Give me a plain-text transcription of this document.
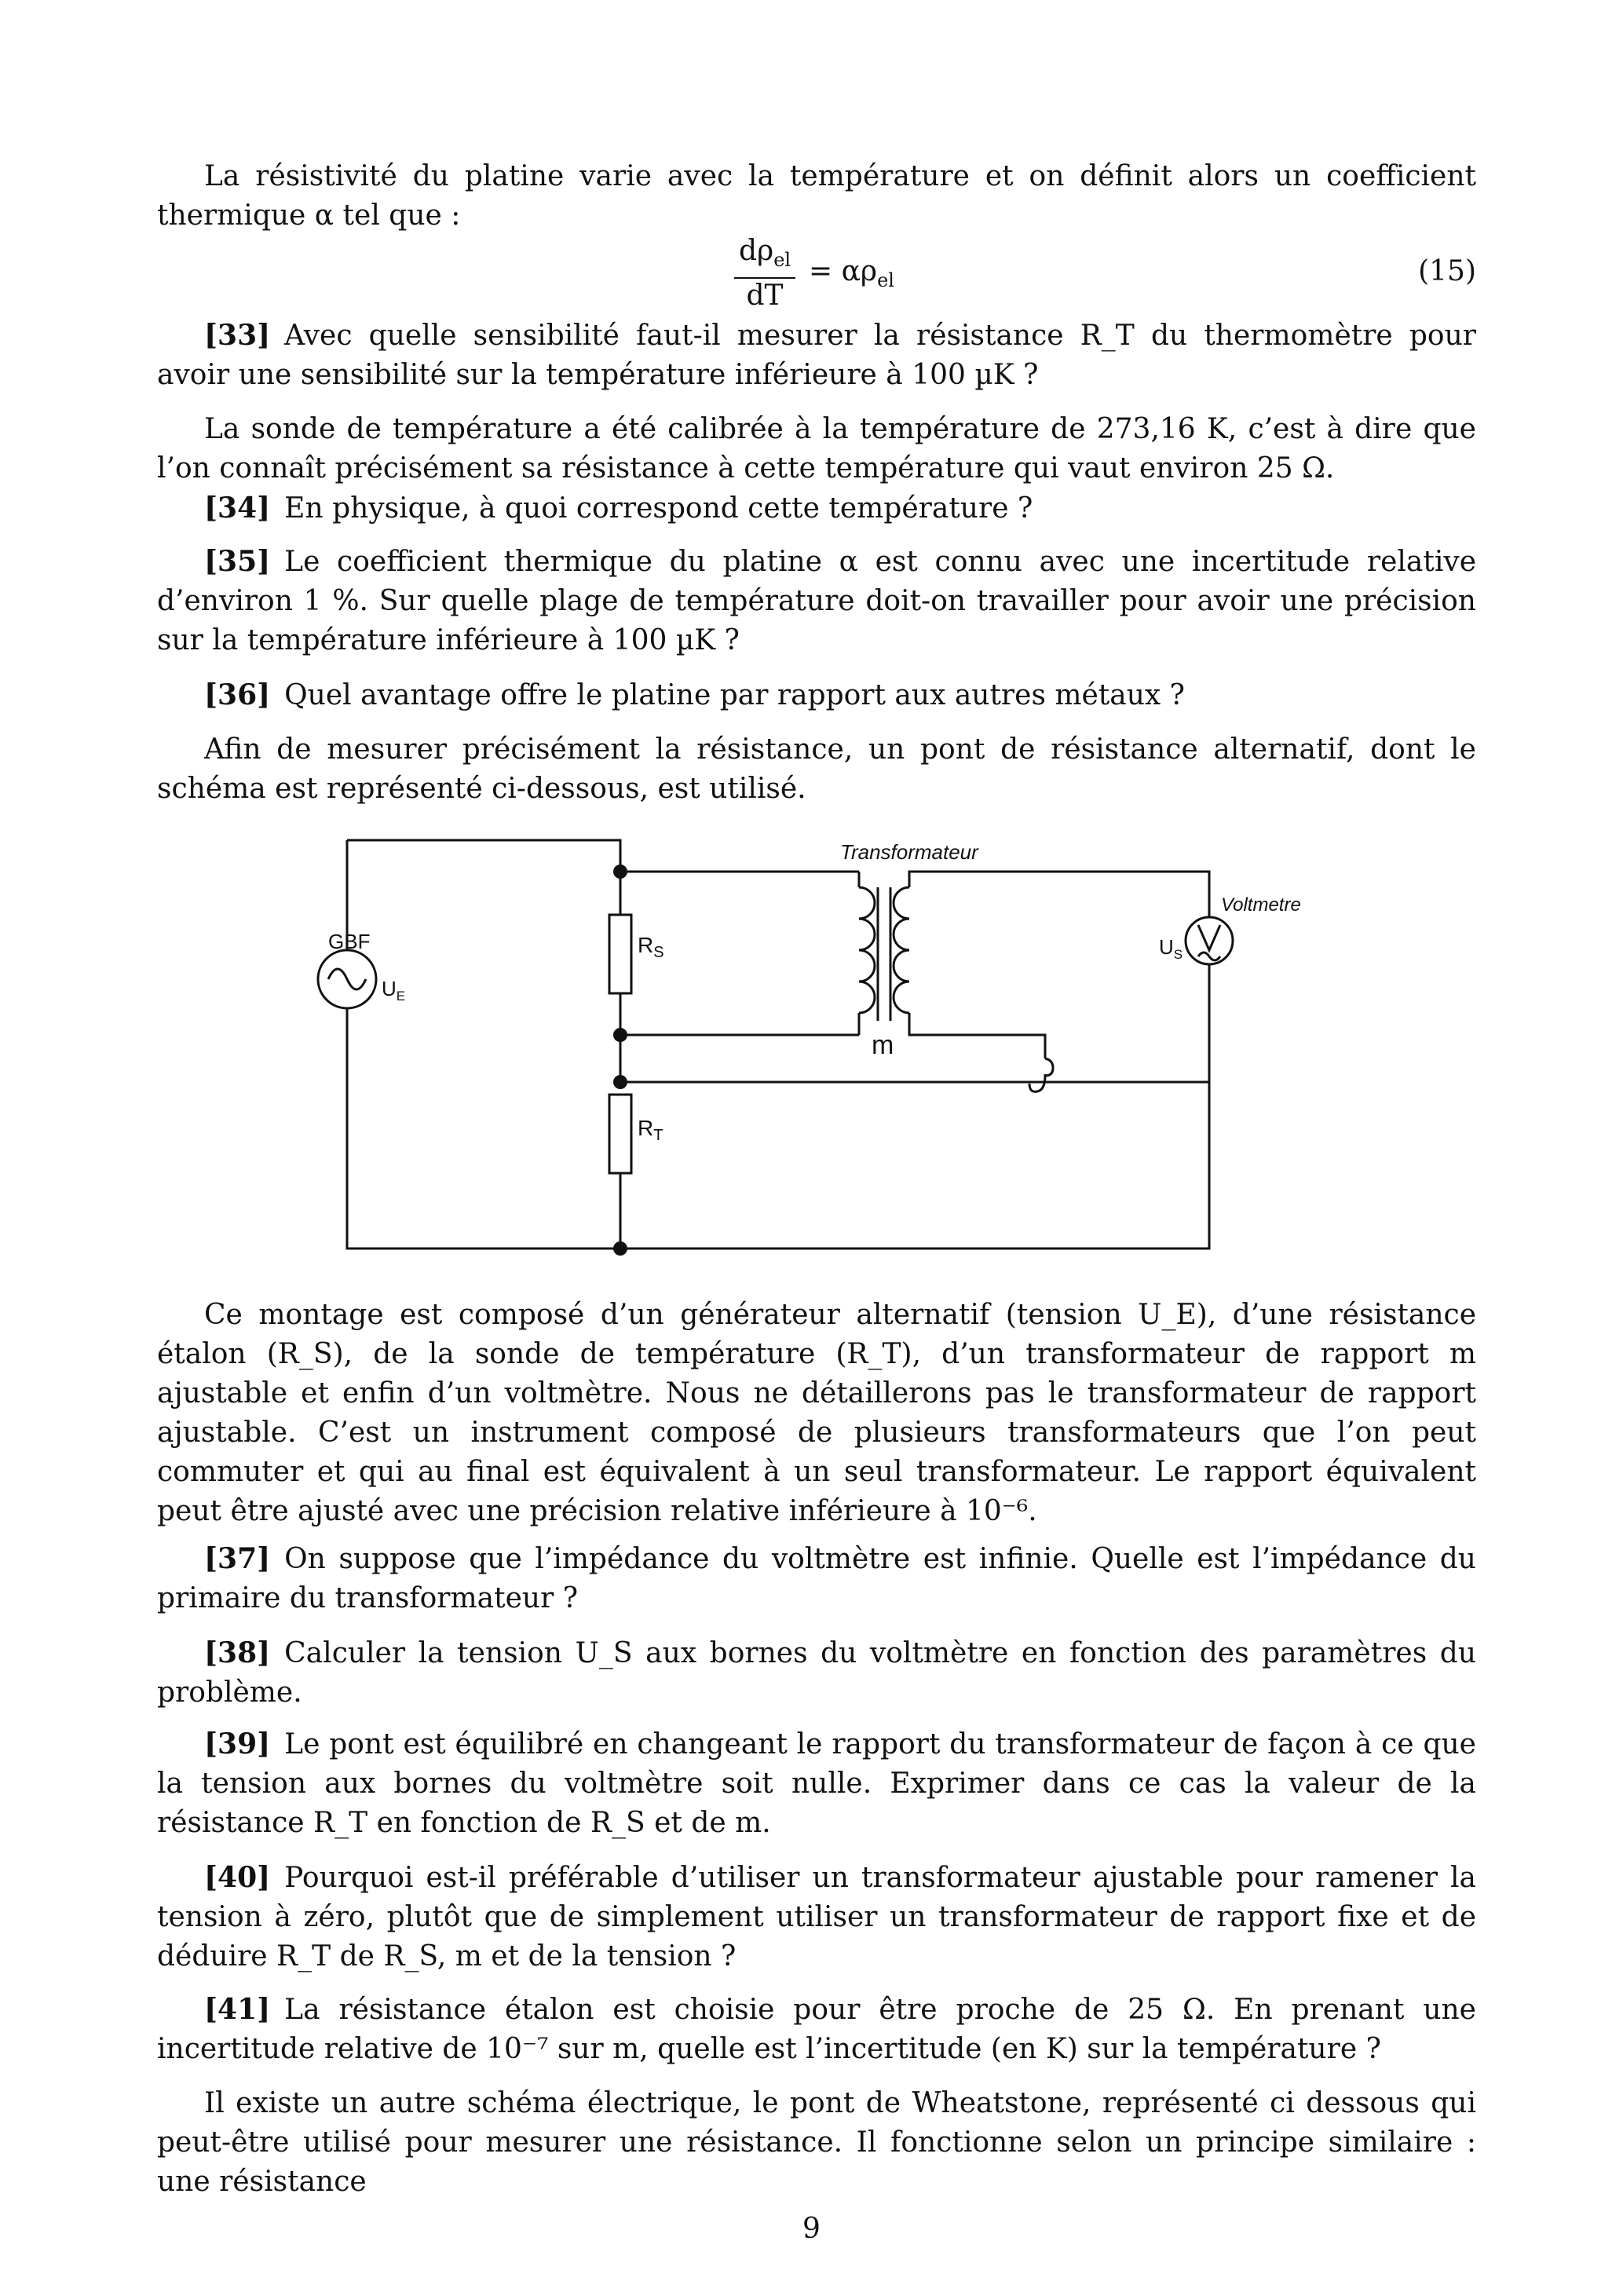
La résistivité du platine varie avec la température et on définit alors un coefficient thermique α tel que :

$d\rho_{el}$
dT
= $\alpha\rho_{el}$	(15)

[33] Avec quelle sensibilité faut-il mesurer la résistance R_T du thermomètre pour avoir une sensibilité sur la température inférieure à 100 µK ?

La sonde de température a été calibrée à la température de 273,16 K, c’est à dire que l’on connaît précisément sa résistance à cette température qui vaut environ 25 Ω.

[34] En physique, à quoi correspond cette température ?

[35] Le coefficient thermique du platine α est connu avec une incertitude relative d’environ 1 %. Sur quelle plage de température doit-on travailler pour avoir une précision sur la température inférieure à 100 µK ?

[36] Quel avantage offre le platine par rapport aux autres métaux ?

Afin de mesurer précisément la résistance, un pont de résistance alternatif, dont le schéma est représenté ci-dessous, est utilisé.

Transformateur
Voltmetre
GBF
$U_E$
$U_S$
$R_S$
$R_T$
m

Ce montage est composé d’un générateur alternatif (tension U_E), d’une résistance étalon (R_S), de la sonde de température (R_T), d’un transformateur de rapport m ajustable et enfin d’un voltmètre. Nous ne détaillerons pas le transformateur de rapport ajustable. C’est un instrument composé de plusieurs transformateurs que l’on peut commuter et qui au final est équivalent à un seul transformateur. Le rapport équivalent peut être ajusté avec une précision relative inférieure à 10⁻⁶.

[37] On suppose que l’impédance du voltmètre est infinie. Quelle est l’impédance du primaire du transformateur ?

[38] Calculer la tension U_S aux bornes du voltmètre en fonction des paramètres du problème.

[39] Le pont est équilibré en changeant le rapport du transformateur de façon à ce que la tension aux bornes du voltmètre soit nulle. Exprimer dans ce cas la valeur de la résistance R_T en fonction de R_S et de m.

[40] Pourquoi est-il préférable d’utiliser un transformateur ajustable pour ramener la tension à zéro, plutôt que de simplement utiliser un transformateur de rapport fixe et de déduire R_T de R_S, m et de la tension ?

[41] La résistance étalon est choisie pour être proche de 25 Ω. En prenant une incertitude relative de 10⁻⁷ sur m, quelle est l’incertitude (en K) sur la température ?

Il existe un autre schéma électrique, le pont de Wheatstone, représenté ci dessous qui peut-être utilisé pour mesurer une résistance. Il fonctionne selon un principe similaire : une résistance

9
